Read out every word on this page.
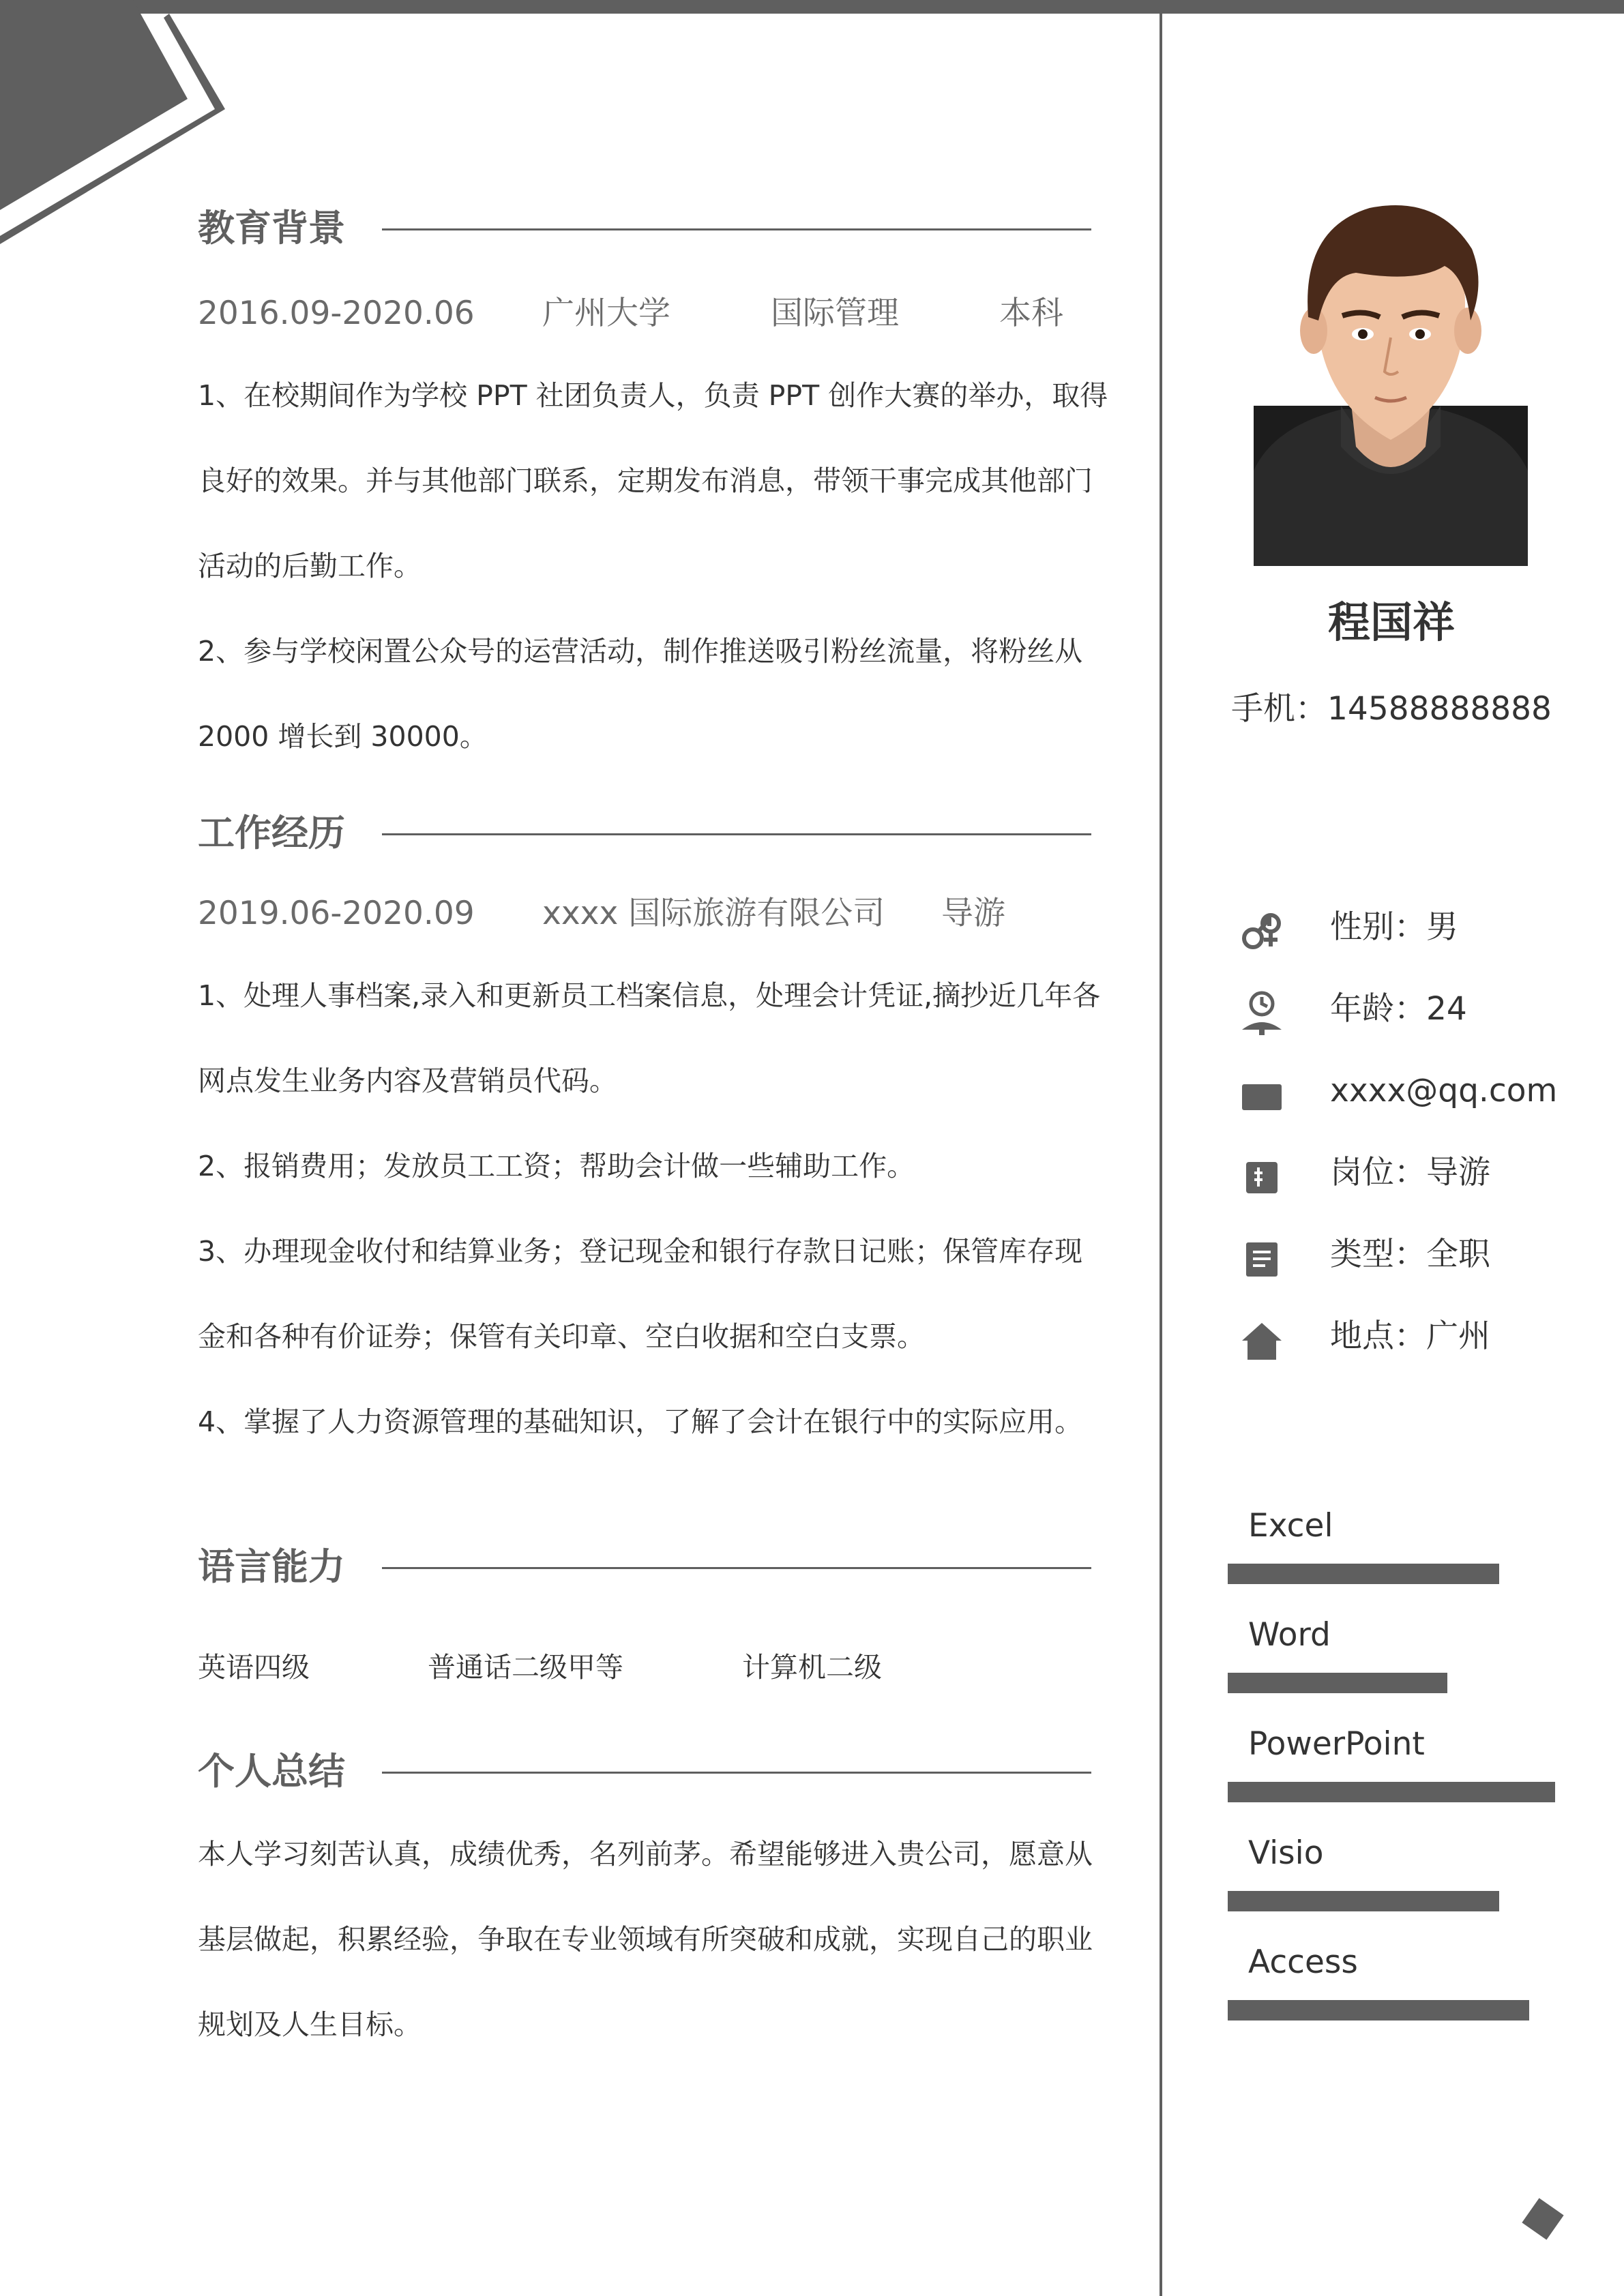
教育背景
2016.09-2020.06 广州大学	国际管理	本科
1、在校期间作为学校 PPT 社团负责人，负责 PPT 创作大赛的举办，取得
良好的效果。并与其他部门联系，定期发布消息，带领干事完成其他部门
活动的后勤工作。
2、参与学校闲置公众号的运营活动，制作推送吸引粉丝流量，将粉丝从
2000 增长到 30000。
工作经历
2019.06-2020.09 xxxx 国际旅游有限公司 导游
1、处理人事档案,录入和更新员工档案信息，处理会计凭证,摘抄近几年各
网点发生业务内容及营销员代码。
2、报销费用；发放员工工资；帮助会计做一些辅助工作。
3、办理现金收付和结算业务；登记现金和银行存款日记账；保管库存现
金和各种有价证券；保管有关印章、空白收据和空白支票。
4、掌握了人力资源管理的基础知识，了解了会计在银行中的实际应用。
语言能力
英语四级	普通话二级甲等	计算机二级
个人总结
本人学习刻苦认真，成绩优秀，名列前茅。希望能够进入贵公司，愿意从
基层做起，积累经验，争取在专业领域有所突破和成就，实现自己的职业
规划及人生目标。
程国祥
手机：14588888888
性别：男
年龄：24
xxxx@qq.com
岗位：导游
类型：全职
地点：广州
Excel
Word
PowerPoint
Visio
Access
